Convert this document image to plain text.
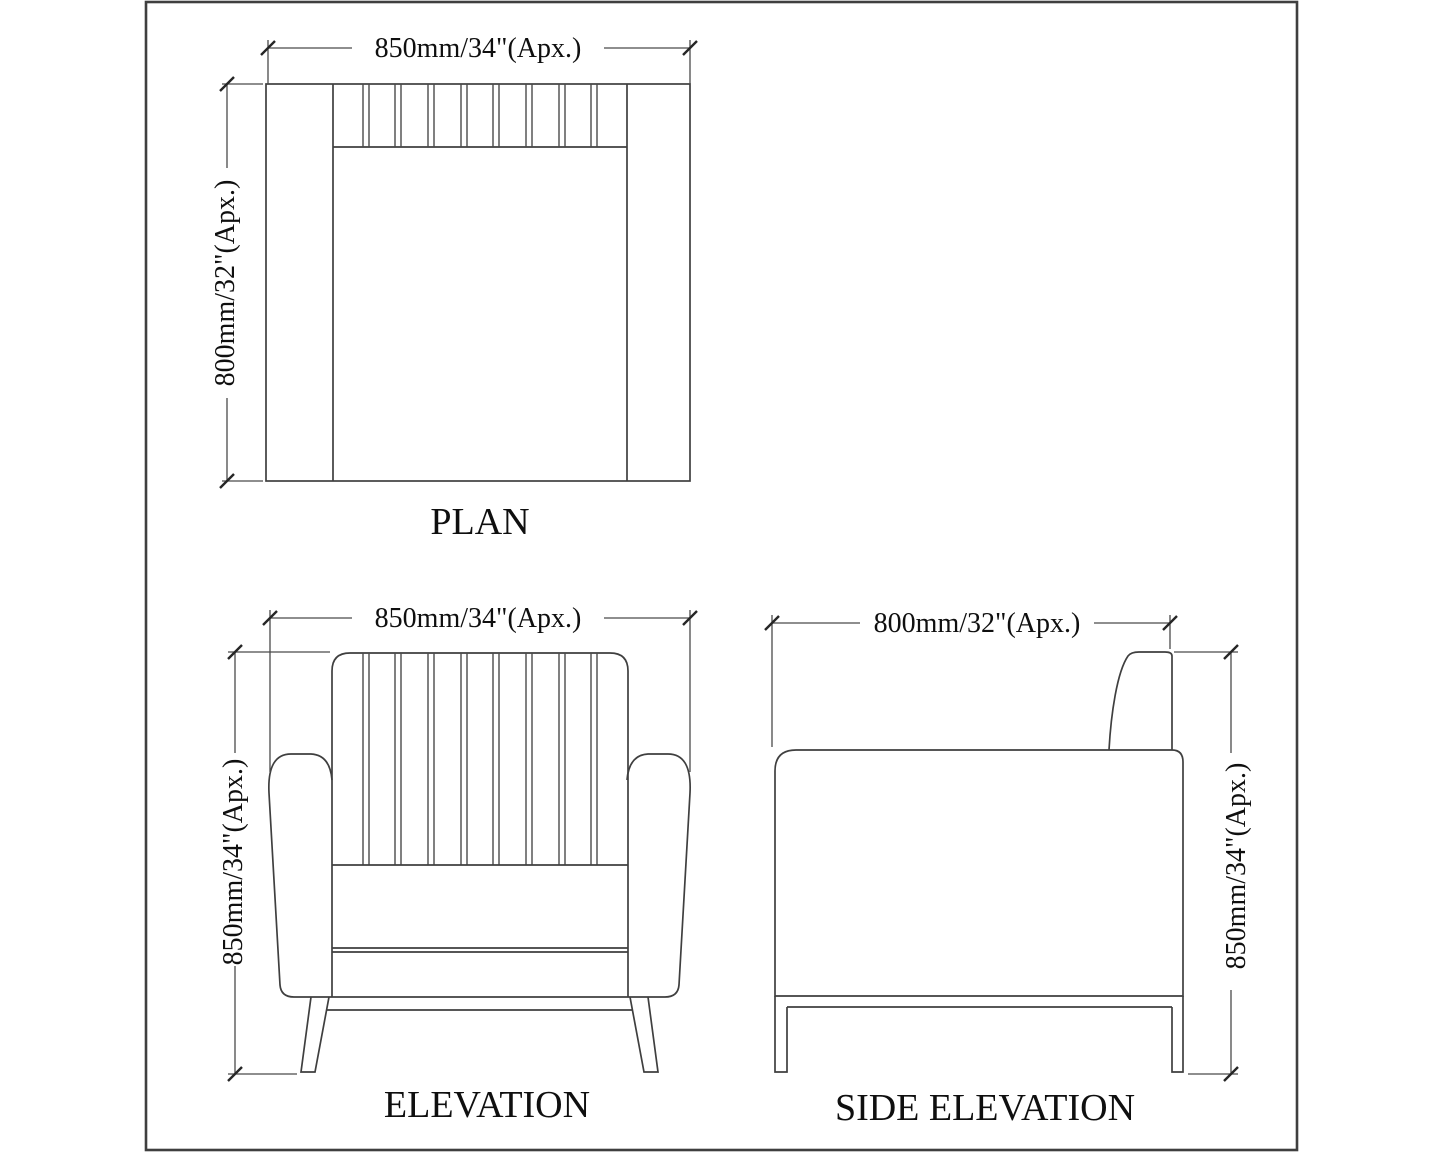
850mm/34"(Apx.)
800mm/32"(Apx.)
PLAN
850mm/34"(Apx.)
850mm/34"(Apx.)
ELEVATION
800mm/32"(Apx.)
850mm/34"(Apx.)
SIDE ELEVATION
